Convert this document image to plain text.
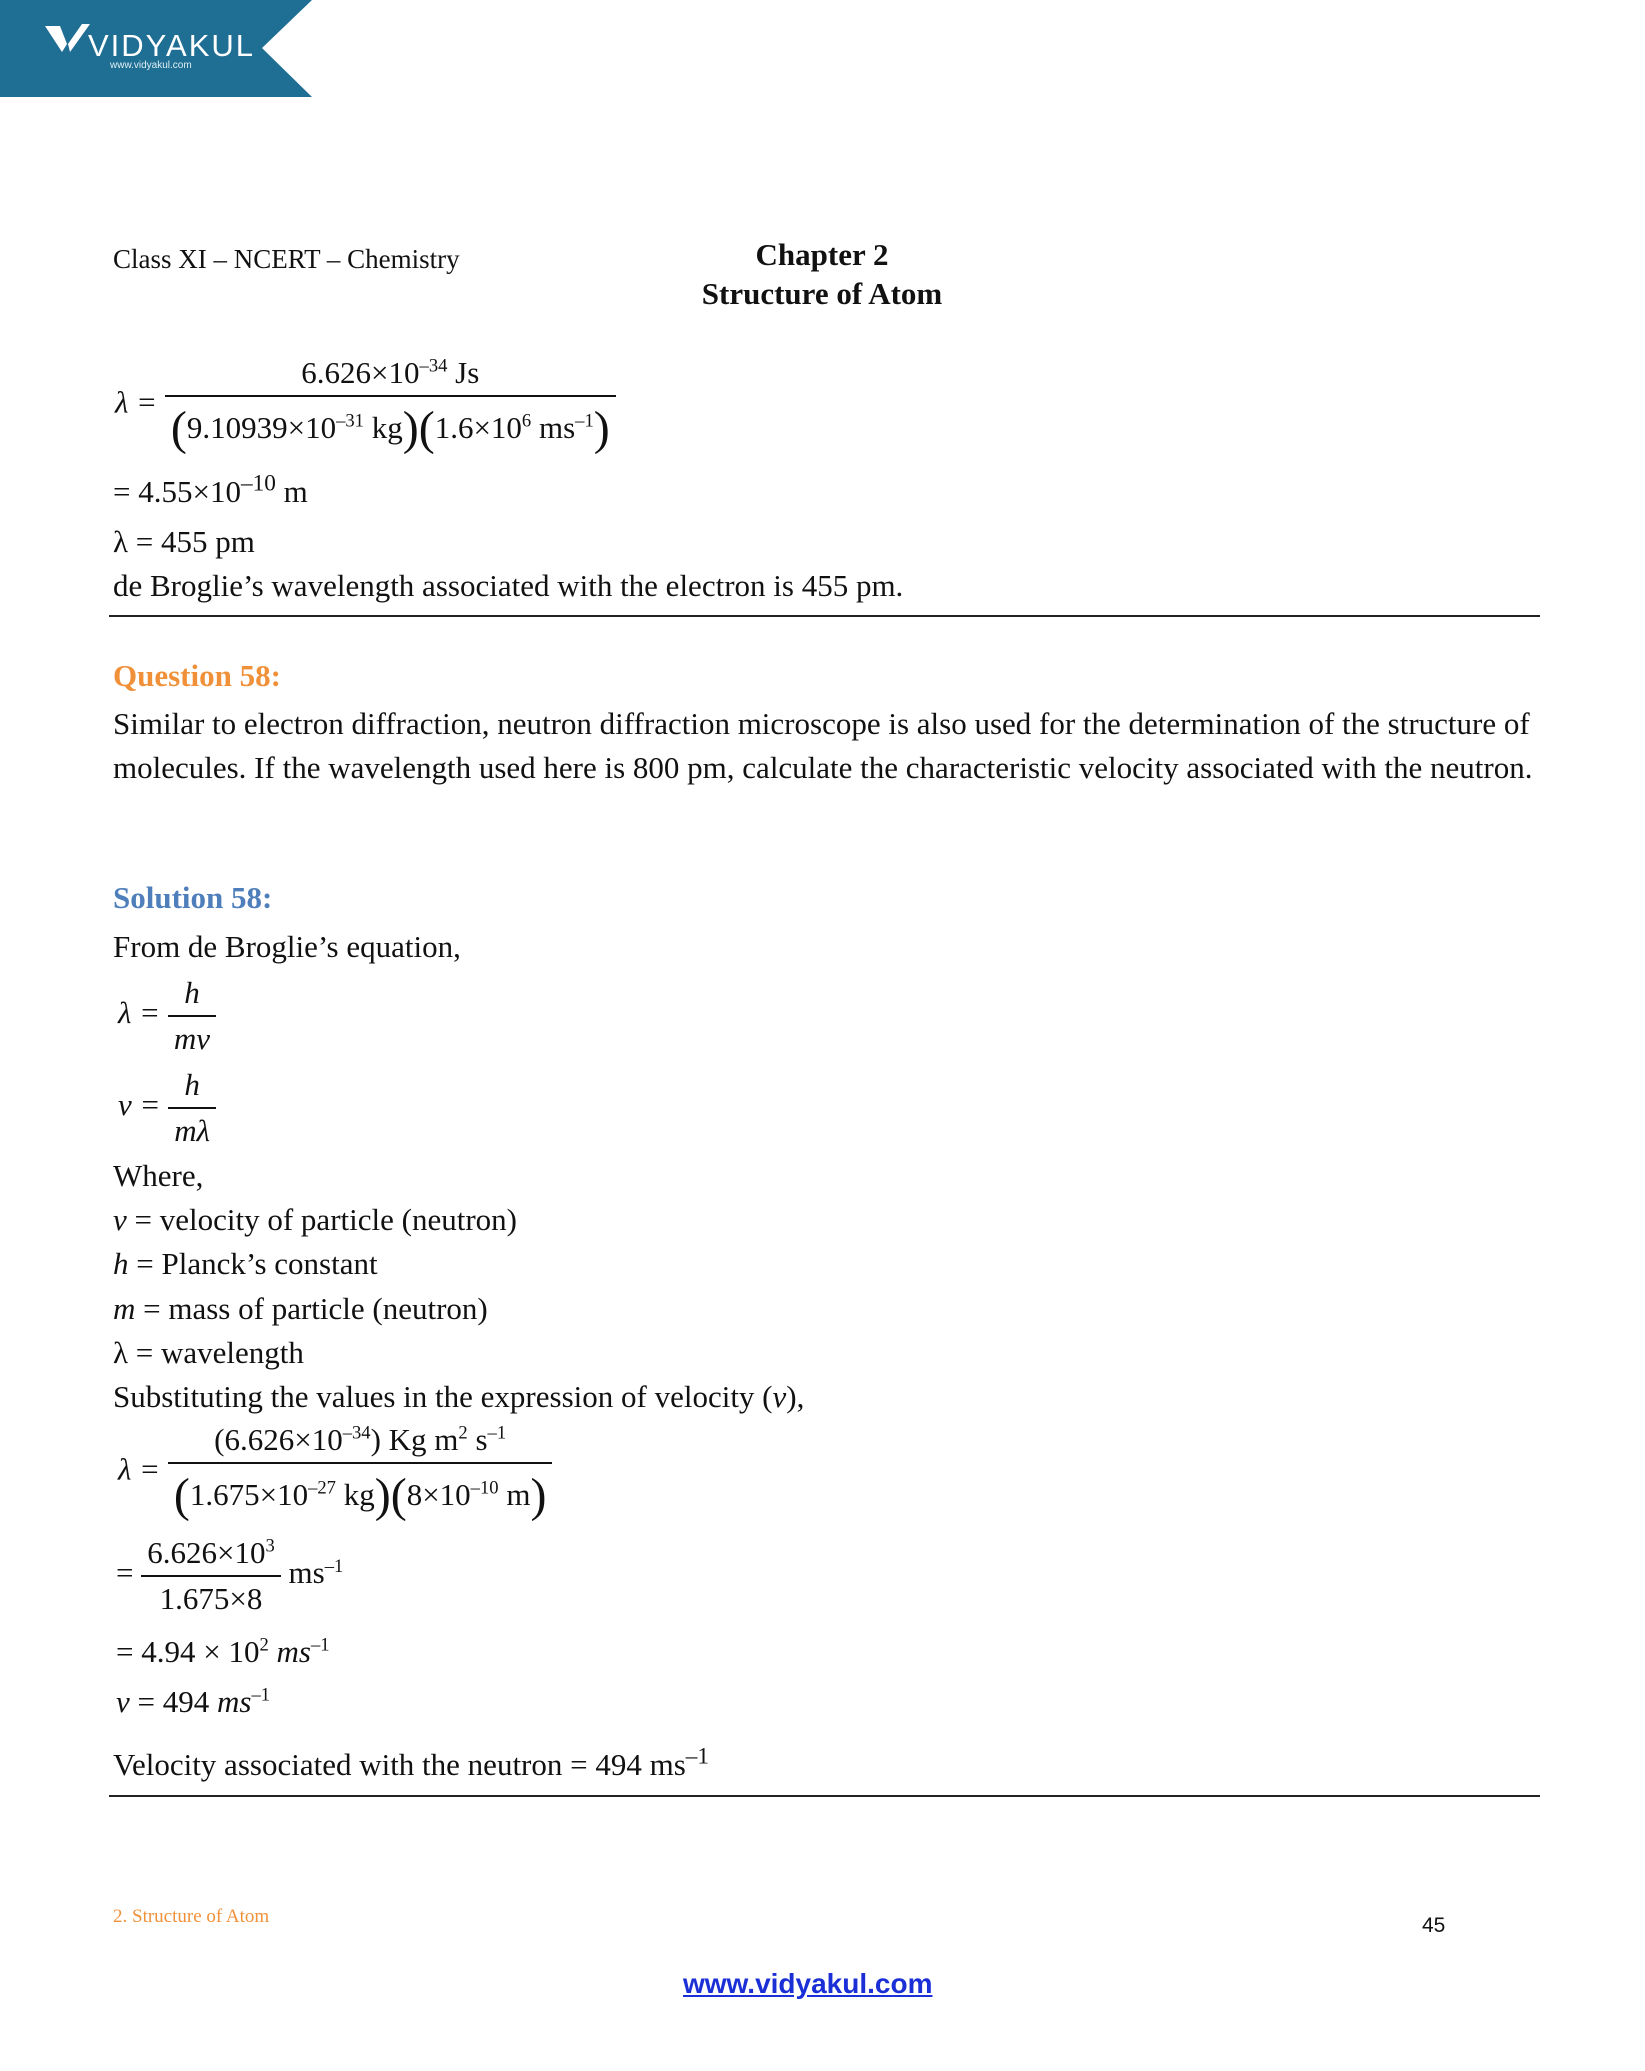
VIDYAKUL
www.vidyakul.com
Class XI – NCERT – Chemistry	Chapter 2
Structure of Atom
$\lambda = \frac{6.626\times 10^{-34} Js}{(9.10939\times 10^{-31} kg)(1.6\times 10^6 ms^{-1})}$
= $4.55\times 10^{-10}$ m
λ = 455 pm
de Broglie’s wavelength associated with the electron is 455 pm.
Question 58:
Similar to electron diffraction, neutron diffraction microscope is also used for the determination of the structure of molecules. If the wavelength used here is 800 pm, calculate the characteristic velocity associated with the neutron.
Solution 58:
From de Broglie’s equation,
$\lambda = \frac{h}{mv}$
$v = \frac{h}{m\lambda}$
Where,
v = velocity of particle (neutron)
h = Planck’s constant
m = mass of particle (neutron)
λ = wavelength
Substituting the values in the expression of velocity (v),
$\lambda = \frac{(6.626\times 10^{-34}) Kg m^2 s^{-1}}{(1.675\times 10^{-27} kg)(8\times 10^{-10} m)}$
= $\frac{6.626\times 10^3}{1.675\times 8} ms^{-1}$
= $4.94 \times 10^2$ $ms^{-1}$
v = 494 $ms^{-1}$
Velocity associated with the neutron = 494 $ms^{-1}$
2. Structure of Atom	45
www.vidyakul.com
